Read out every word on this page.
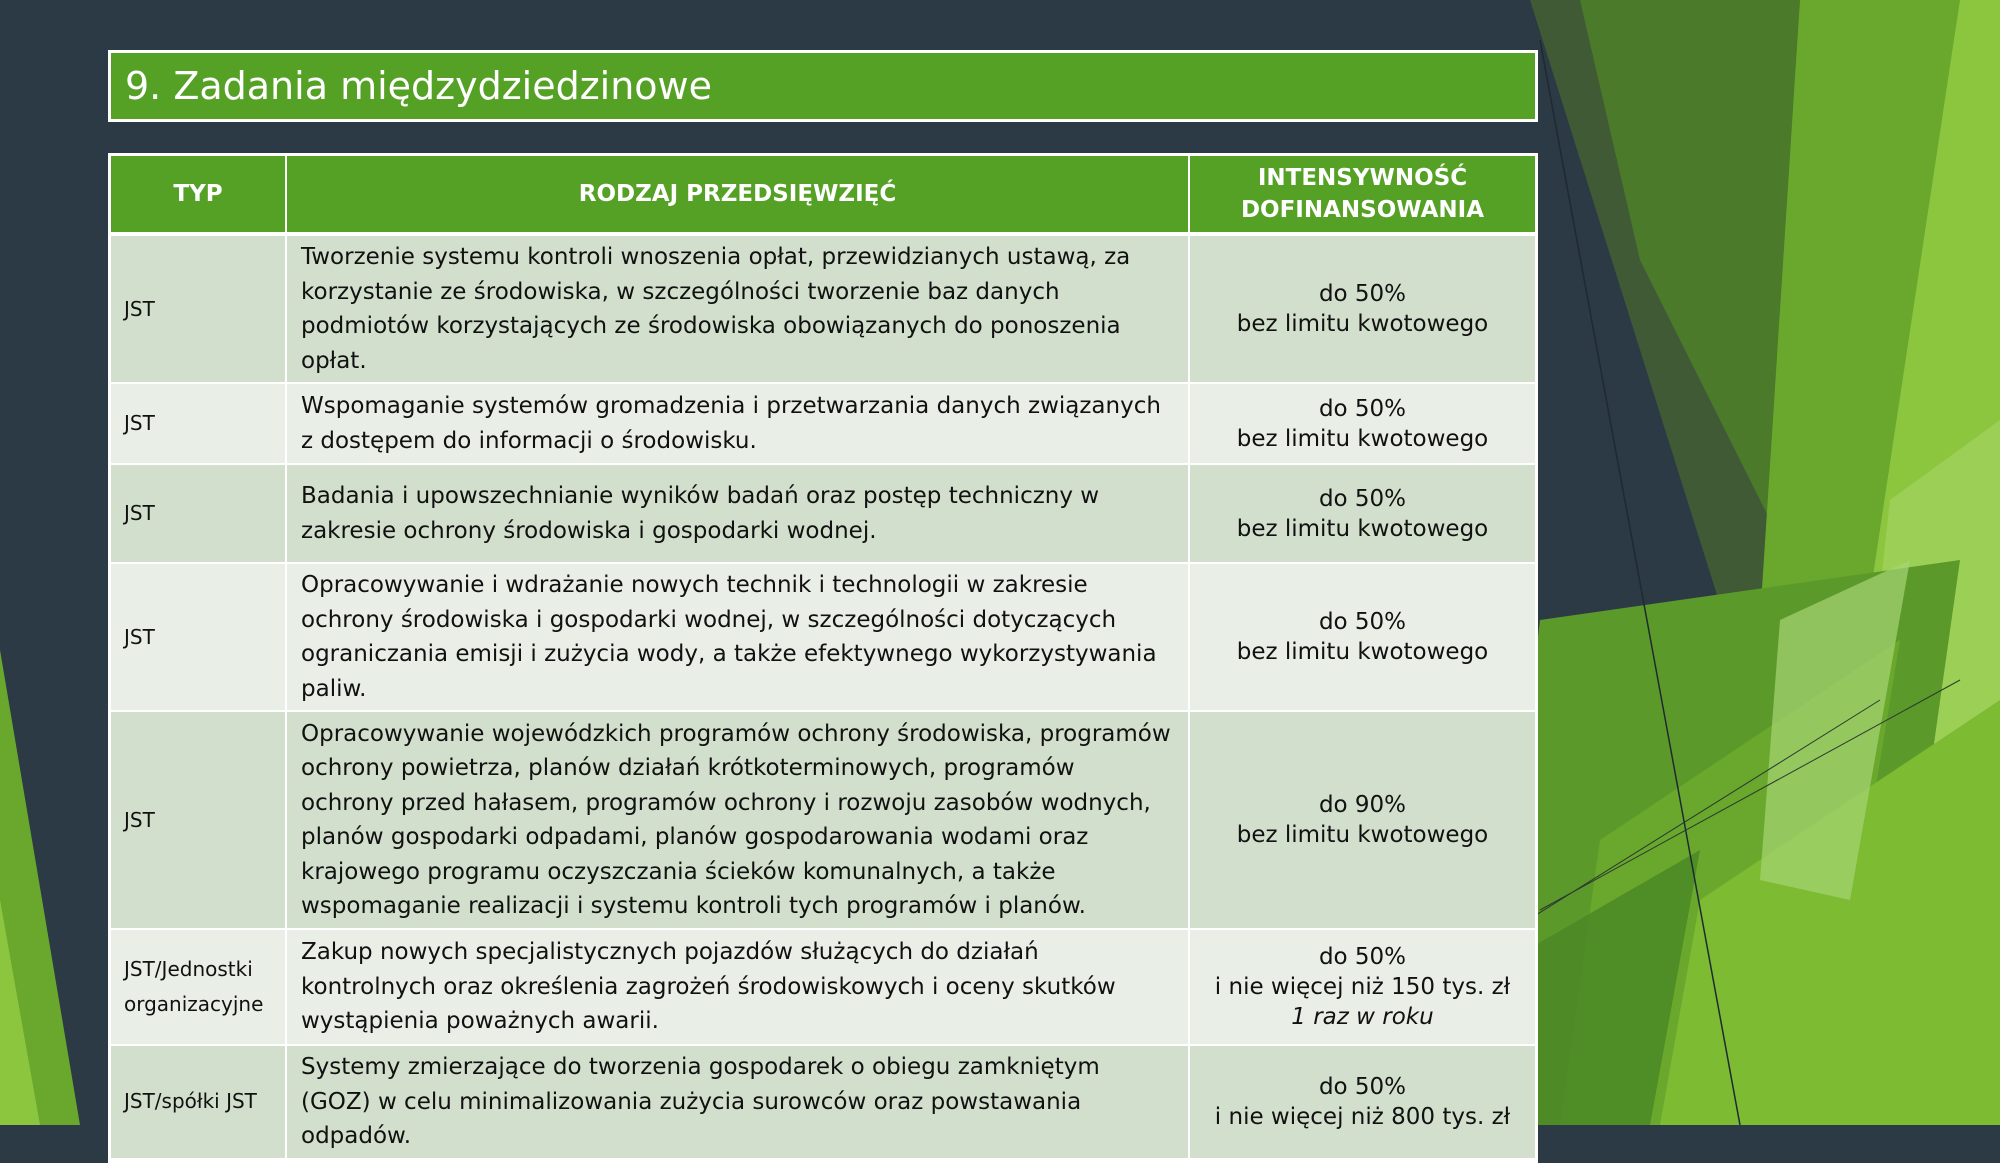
9. Zadania międzydziedzinowe
TYP	RODZAJ PRZEDSIĘWZIĘĆ	INTENSYWNOŚĆ
DOFINANSOWANIA

JST	Tworzenie systemu kontroli wnoszenia opłat, przewidzianych ustawą, za korzystanie ze środowiska, w szczególności tworzenie baz danych podmiotów korzystających ze środowiska obowiązanych do ponoszenia opłat.	do 50%
bez limitu kwotowego

JST	Wspomaganie systemów gromadzenia i przetwarzania danych związanych z dostępem do informacji o środowisku.	do 50%
bez limitu kwotowego

JST	Badania i upowszechnianie wyników badań oraz postęp techniczny w zakresie ochrony środowiska i gospodarki wodnej.	do 50%
bez limitu kwotowego

JST	Opracowywanie i wdrażanie nowych technik i technologii w zakresie ochrony środowiska i gospodarki wodnej, w szczególności dotyczących ograniczania emisji i zużycia wody, a także efektywnego wykorzystywania paliw.	do 50%
bez limitu kwotowego

JST	Opracowywanie wojewódzkich programów ochrony środowiska, programów ochrony powietrza, planów działań krótkoterminowych, programów ochrony przed hałasem, programów ochrony i rozwoju zasobów wodnych, planów gospodarki odpadami, planów gospodarowania wodami oraz krajowego programu oczyszczania ścieków komunalnych, a także wspomaganie realizacji i systemu kontroli tych programów i planów.	do 90%
bez limitu kwotowego

JST/Jednostki
organizacyjne	Zakup nowych specjalistycznych pojazdów służących do działań kontrolnych oraz określenia zagrożeń środowiskowych i oceny skutków wystąpienia poważnych awarii.	do 50%
i nie więcej niż 150 tys. zł
1 raz w roku

JST/spółki JST	Systemy zmierzające do tworzenia gospodarek o obiegu zamkniętym (GOZ) w celu minimalizowania zużycia surowców oraz powstawania odpadów.	do 50%
i nie więcej niż 800 tys. zł
